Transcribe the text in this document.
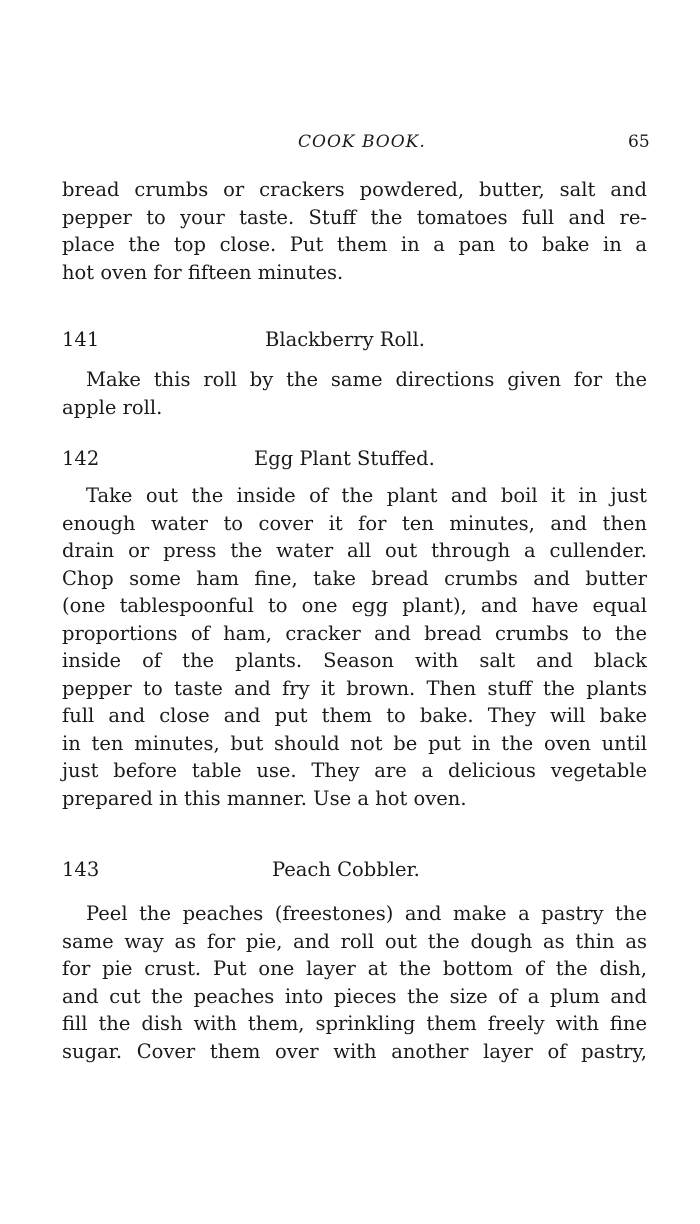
COOK BOOK.	65
bread crumbs or crackers powdered, butter, salt and
pepper to your taste. Stuff the tomatoes full and re-
place the top close. Put them in a pan to bake in a
hot oven for fifteen minutes.
141	Blackberry Roll.
Make this roll by the same directions given for the
apple roll.
142	Egg Plant Stuffed.
Take out the inside of the plant and boil it in just
enough water to cover it for ten minutes, and then
drain or press the water all out through a cullender.
Chop some ham fine, take bread crumbs and butter
(one tablespoonful to one egg plant), and have equal
proportions of ham, cracker and bread crumbs to the
inside of the plants. Season with salt and black
pepper to taste and fry it brown. Then stuff the plants
full and close and put them to bake. They will bake
in ten minutes, but should not be put in the oven until
just before table use. They are a delicious vegetable
prepared in this manner. Use a hot oven.
143	Peach Cobbler.
Peel the peaches (freestones) and make a pastry the
same way as for pie, and roll out the dough as thin as
for pie crust. Put one layer at the bottom of the dish,
and cut the peaches into pieces the size of a plum and
fill the dish with them, sprinkling them freely with fine
sugar. Cover them over with another layer of pastry,
